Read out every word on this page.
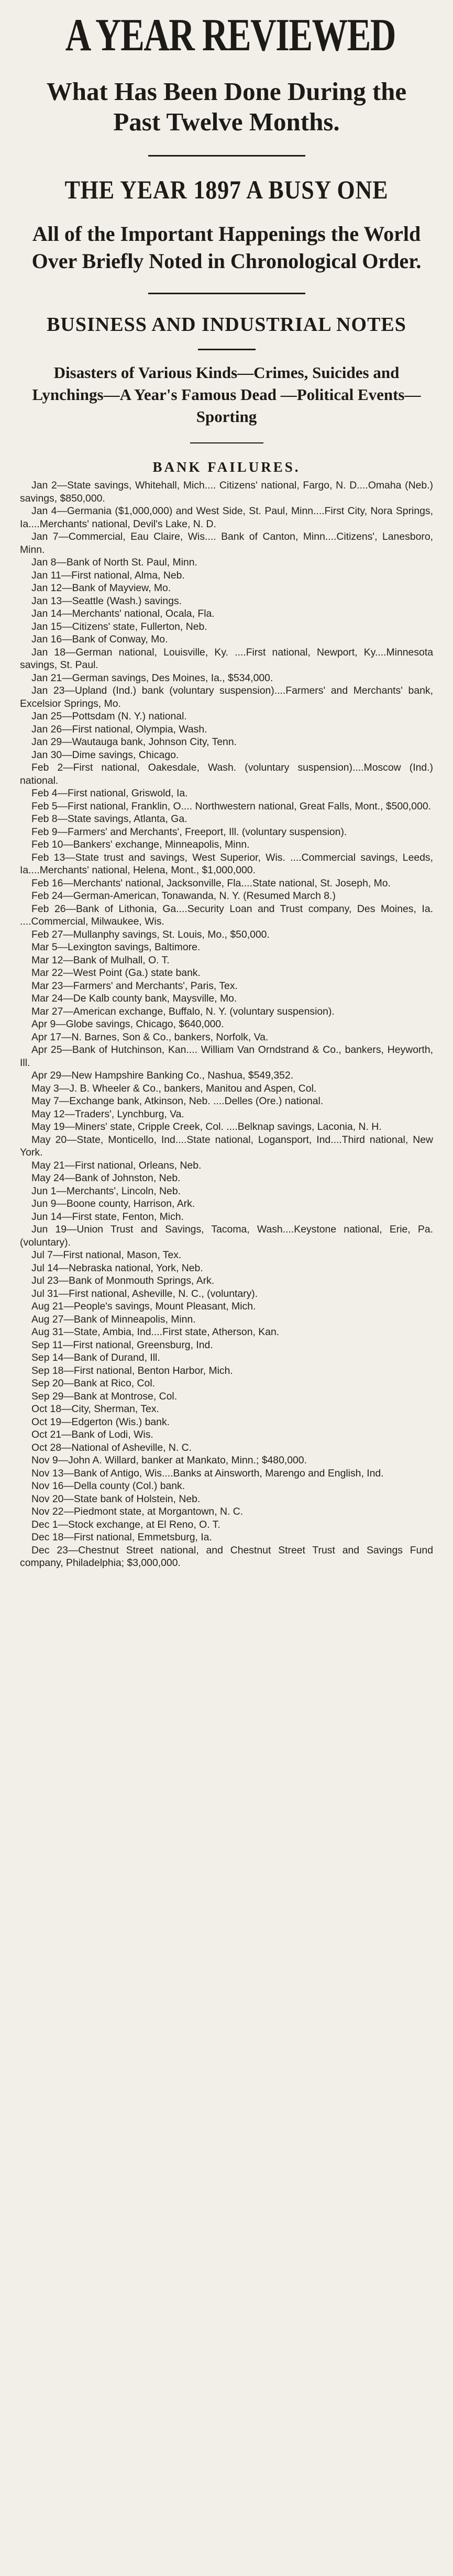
A YEAR REVIEWED
What Has Been Done During the Past Twelve Months.
THE YEAR 1897 A BUSY ONE
All of the Important Happenings the World Over Briefly Noted in Chronological Order.
BUSINESS AND INDUSTRIAL NOTES
Disasters of Various Kinds—Crimes, Suicides and Lynchings—A Year's Famous Dead —Political Events—Sporting
BANK FAILURES.

Jan 2—State savings, Whitehall, Mich.... Citizens' national, Fargo, N. D....Omaha (Neb.) savings, $850,000.

Jan 4—Germania ($1,000,000) and West Side, St. Paul, Minn....First City, Nora Springs, Ia....Merchants' national, Devil's Lake, N. D.

Jan 7—Commercial, Eau Claire, Wis.... Bank of Canton, Minn....Citizens', Lanesboro, Minn.

Jan 8—Bank of North St. Paul, Minn.

Jan 11—First national, Alma, Neb.

Jan 12—Bank of Mayview, Mo.

Jan 13—Seattle (Wash.) savings.

Jan 14—Merchants' national, Ocala, Fla.

Jan 15—Citizens' state, Fullerton, Neb.

Jan 16—Bank of Conway, Mo.

Jan 18—German national, Louisville, Ky. ....First national, Newport, Ky....Minnesota savings, St. Paul.

Jan 21—German savings, Des Moines, Ia., $534,000.

Jan 23—Upland (Ind.) bank (voluntary suspension)....Farmers' and Merchants' bank, Excelsior Springs, Mo.

Jan 25—Pottsdam (N. Y.) national.

Jan 26—First national, Olympia, Wash.

Jan 29—Wautauga bank, Johnson City, Tenn.

Jan 30—Dime savings, Chicago.

Feb 2—First national, Oakesdale, Wash. (voluntary suspension)....Moscow (Ind.) national.

Feb 4—First national, Griswold, Ia.

Feb 5—First national, Franklin, O.... Northwestern national, Great Falls, Mont., $500,000.

Feb 8—State savings, Atlanta, Ga.

Feb 9—Farmers' and Merchants', Freeport, Ill. (voluntary suspension).

Feb 10—Bankers' exchange, Minneapolis, Minn.

Feb 13—State trust and savings, West Superior, Wis. ....Commercial savings, Leeds, Ia....Merchants' national, Helena, Mont., $1,000,000.

Feb 16—Merchants' national, Jacksonville, Fla....State national, St. Joseph, Mo.

Feb 24—German-American, Tonawanda, N. Y. (Resumed March 8.)

Feb 26—Bank of Lithonia, Ga....Security Loan and Trust company, Des Moines, Ia. ....Commercial, Milwaukee, Wis.

Feb 27—Mullanphy savings, St. Louis, Mo., $50,000.

Mar 5—Lexington savings, Baltimore.

Mar 12—Bank of Mulhall, O. T.

Mar 22—West Point (Ga.) state bank.

Mar 23—Farmers' and Merchants', Paris, Tex.

Mar 24—De Kalb county bank, Maysville, Mo.

Mar 27—American exchange, Buffalo, N. Y. (voluntary suspension).

Apr 9—Globe savings, Chicago, $640,000.

Apr 17—N. Barnes, Son & Co., bankers, Norfolk, Va.

Apr 25—Bank of Hutchinson, Kan.... William Van Orndstrand & Co., bankers, Heyworth, Ill.

Apr 29—New Hampshire Banking Co., Nashua, $549,352.

May 3—J. B. Wheeler & Co., bankers, Manitou and Aspen, Col.

May 7—Exchange bank, Atkinson, Neb. ....Delles (Ore.) national.

May 12—Traders', Lynchburg, Va.

May 19—Miners' state, Cripple Creek, Col. ....Belknap savings, Laconia, N. H.

May 20—State, Monticello, Ind....State national, Logansport, Ind....Third national, New York.

May 21—First national, Orleans, Neb.

May 24—Bank of Johnston, Neb.

Jun 1—Merchants', Lincoln, Neb.

Jun 9—Boone county, Harrison, Ark.

Jun 14—First state, Fenton, Mich.

Jun 19—Union Trust and Savings, Tacoma, Wash....Keystone national, Erie, Pa. (voluntary).

Jul 7—First national, Mason, Tex.

Jul 14—Nebraska national, York, Neb.

Jul 23—Bank of Monmouth Springs, Ark.

Jul 31—First national, Asheville, N. C., (voluntary).

Aug 21—People's savings, Mount Pleasant, Mich.

Aug 27—Bank of Minneapolis, Minn.

Aug 31—State, Ambia, Ind....First state, Atherson, Kan.

Sep 11—First national, Greensburg, Ind.

Sep 14—Bank of Durand, Ill.

Sep 18—First national, Benton Harbor, Mich.

Sep 20—Bank at Rico, Col.

Sep 29—Bank at Montrose, Col.

Oct 18—City, Sherman, Tex.

Oct 19—Edgerton (Wis.) bank.

Oct 21—Bank of Lodi, Wis.

Oct 28—National of Asheville, N. C.

Nov 9—John A. Willard, banker at Mankato, Minn.; $480,000.

Nov 13—Bank of Antigo, Wis....Banks at Ainsworth, Marengo and English, Ind.

Nov 16—Della county (Col.) bank.

Nov 20—State bank of Holstein, Neb.

Nov 22—Piedmont state, at Morgantown, N. C.

Dec 1—Stock exchange, at El Reno, O. T.

Dec 18—First national, Emmetsburg, Ia.

Dec 23—Chestnut Street national, and Chestnut Street Trust and Savings Fund company, Philadelphia; $3,000,000.
